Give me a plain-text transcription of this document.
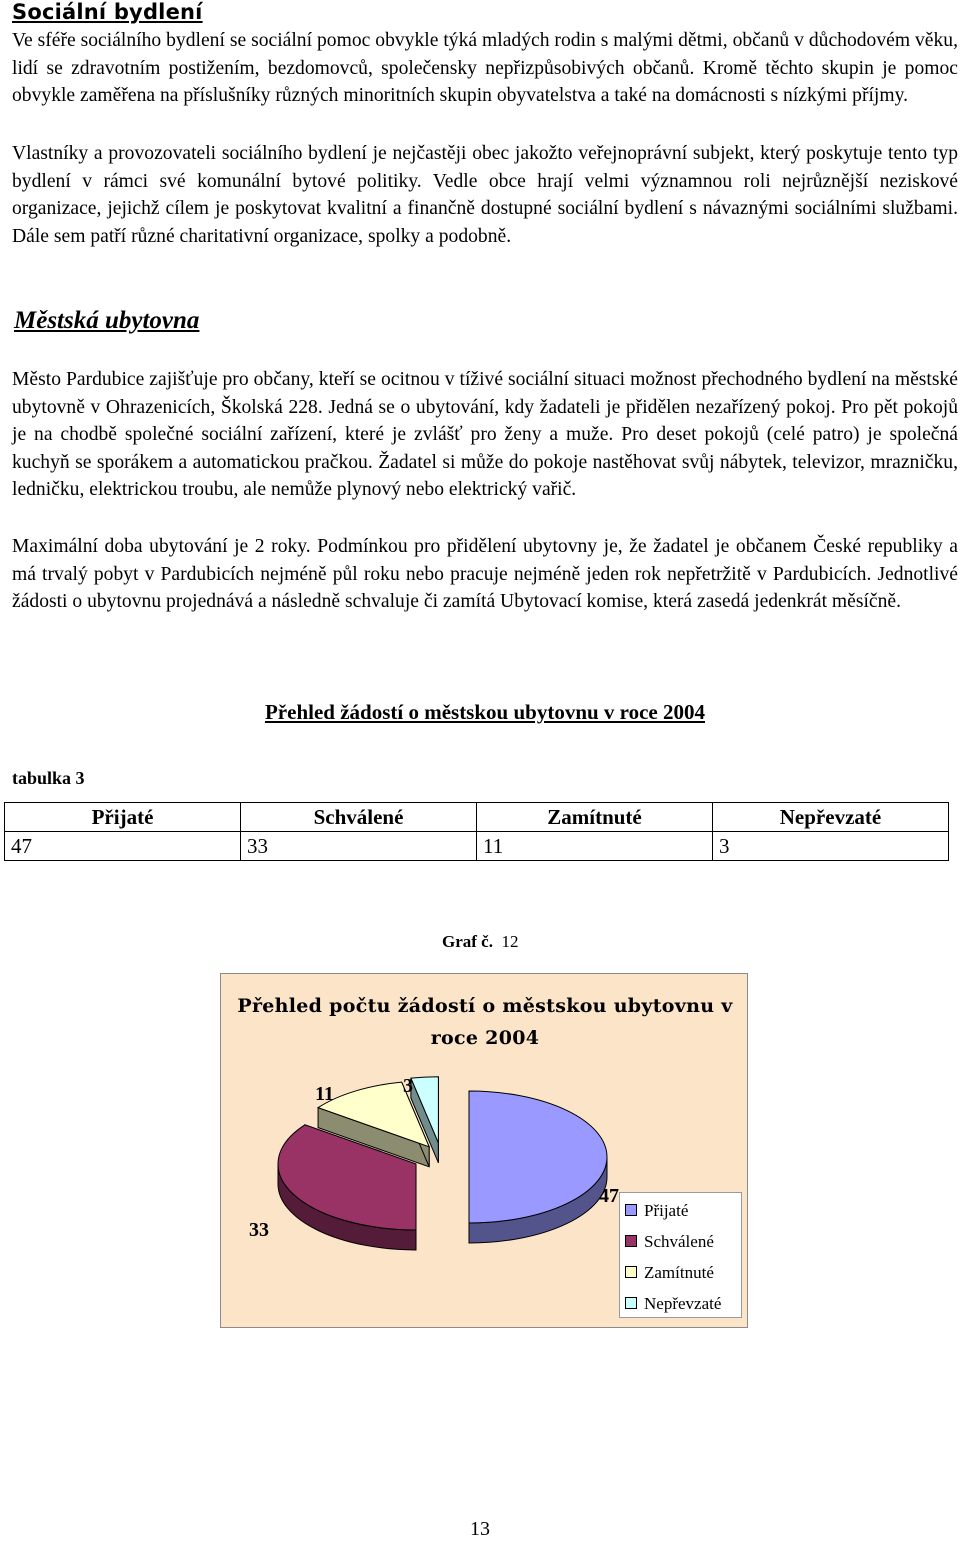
Sociální bydlení

Ve sféře sociálního bydlení se sociální pomoc obvykle týká mladých rodin s malými dětmi, občanů v důchodovém věku, lidí se zdravotním postižením, bezdomovců, společensky nepřizpůsobivých občanů. Kromě těchto skupin je pomoc obvykle zaměřena na příslušníky různých minoritních skupin obyvatelstva a také na domácnosti s nízkými příjmy.

Vlastníky a provozovateli sociálního bydlení je nejčastěji obec jakožto veřejnoprávní subjekt, který poskytuje tento typ bydlení v rámci své komunální bytové politiky. Vedle obce hrají velmi významnou roli nejrůznější neziskové organizace, jejichž cílem je poskytovat kvalitní a finančně dostupné sociální bydlení s návaznými sociálními službami. Dále sem patří různé charitativní organizace, spolky a podobně.

Městská ubytovna

Město Pardubice zajišťuje pro občany, kteří se ocitnou v tíživé sociální situaci možnost přechodného bydlení na městské ubytovně v Ohrazenicích, Školská 228. Jedná se o ubytování, kdy žadateli je přidělen nezařízený pokoj. Pro pět pokojů je na chodbě společné sociální zařízení, které je zvlášť pro ženy a muže. Pro deset pokojů (celé patro) je společná kuchyň se sporákem a automatickou pračkou. Žadatel si může do pokoje nastěhovat svůj nábytek, televizor, mrazničku, ledničku, elektrickou troubu, ale nemůže plynový nebo elektrický vařič.

Maximální doba ubytování je 2 roky. Podmínkou pro přidělení ubytovny je, že žadatel je občanem České republiky a má trvalý pobyt v Pardubicích nejméně půl roku nebo pracuje nejméně jeden rok nepřetržitě v Pardubicích. Jednotlivé žádosti o ubytovnu projednává a následně schvaluje či zamítá Ubytovací komise, která zasedá jedenkrát měsíčně.

Přehled žádostí o městskou ubytovnu v roce 2004
tabulka 3
Přijaté	Schválené	Zamítnuté	Nepřevzaté
47	33	11	3
Graf č. 12
Přehled počtu žádostí o městskou ubytovnu v roce 2004
47
33
11	3
Přijaté
Schválené
Zamítnuté
Nepřevzaté
13
